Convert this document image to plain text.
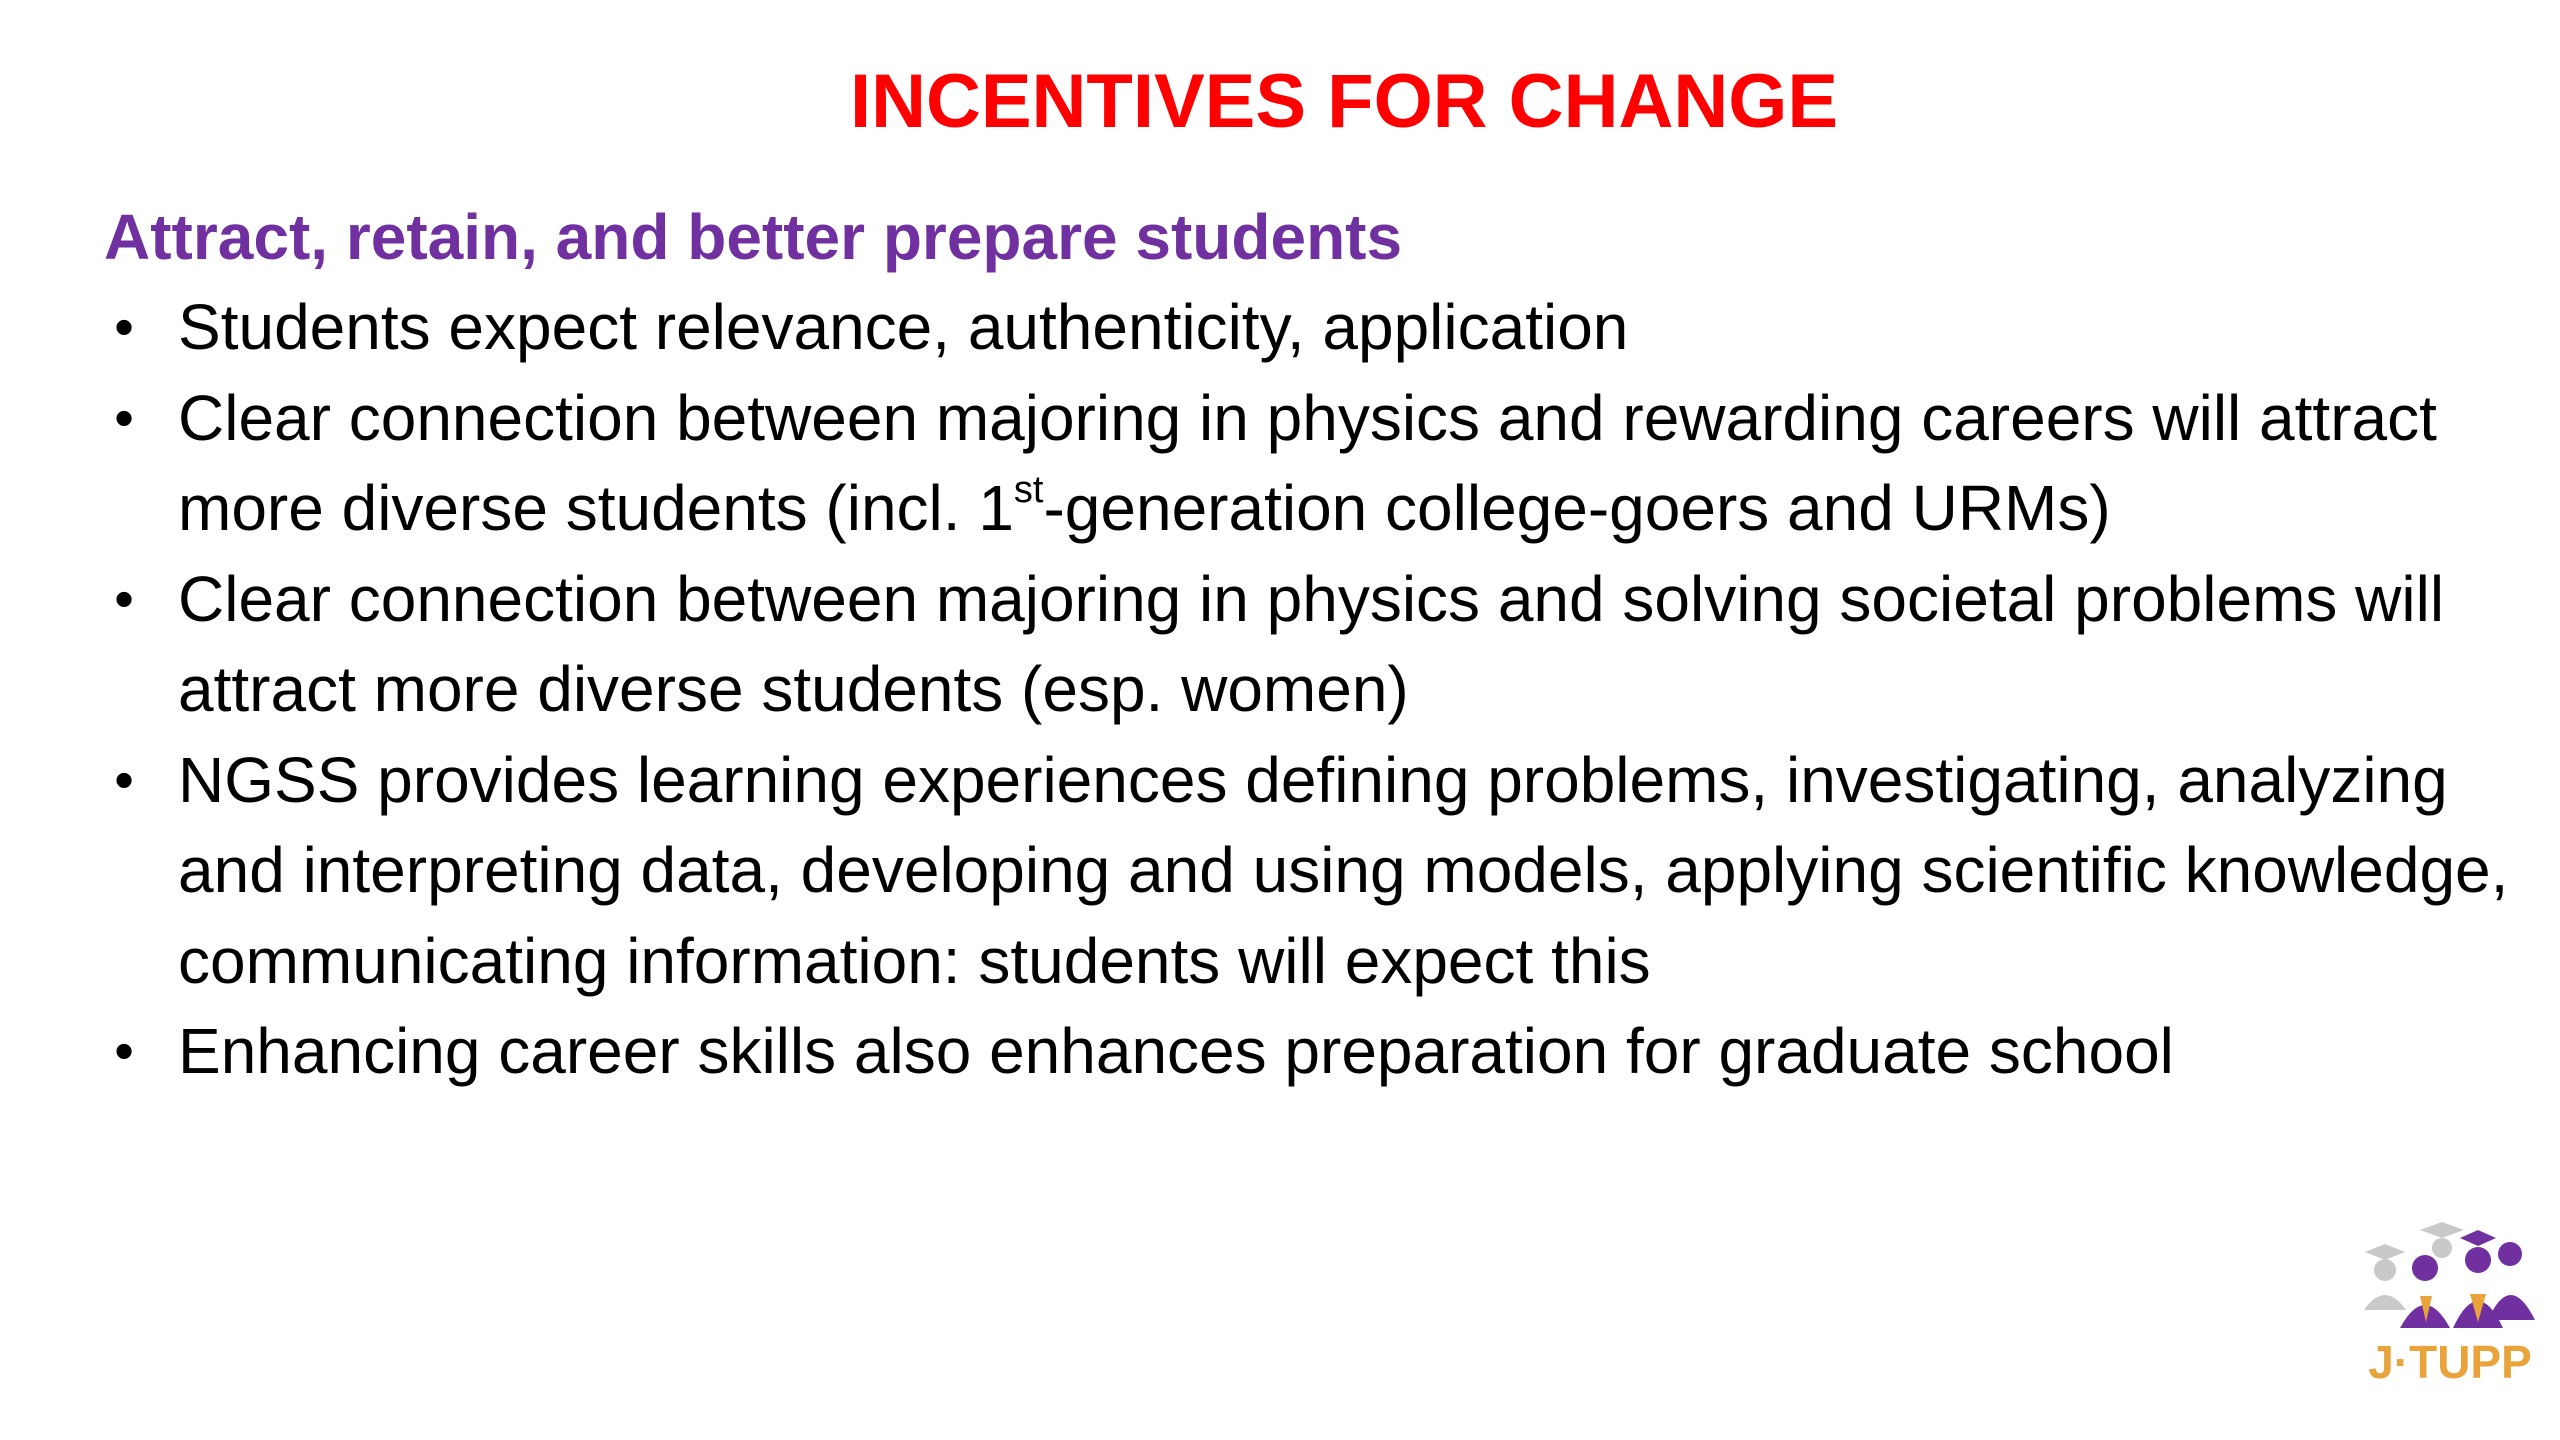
INCENTIVES FOR CHANGE
Attract, retain, and better prepare students
• Students expect relevance, authenticity, application
• Clear connection between majoring in physics and rewarding careers will attract more diverse students (incl. 1st-generation college-goers and URMs)
• Clear connection between majoring in physics and solving societal problems will attract more diverse students (esp. women)
• NGSS provides learning experiences defining problems, investigating, analyzing and interpreting data, developing and using models, applying scientific knowledge, communicating information: students will expect this
• Enhancing career skills also enhances preparation for graduate school
J·TUPP
